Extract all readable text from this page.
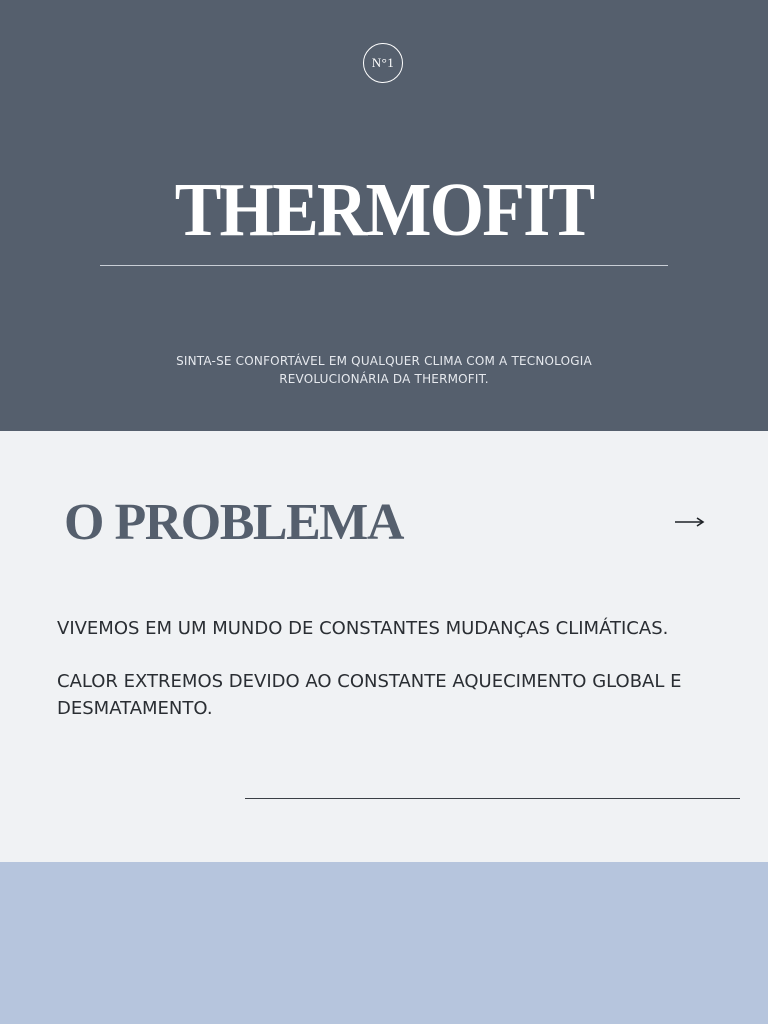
N°1
THERMOFIT

SINTA-SE CONFORTÁVEL EM QUALQUER CLIMA COM A TECNOLOGIA REVOLUCIONÁRIA DA THERMOFIT.

O PROBLEMA

VIVEMOS EM UM MUNDO DE CONSTANTES MUDANÇAS CLIMÁTICAS.

CALOR EXTREMOS DEVIDO AO CONSTANTE AQUECIMENTO GLOBAL E DESMATAMENTO.
